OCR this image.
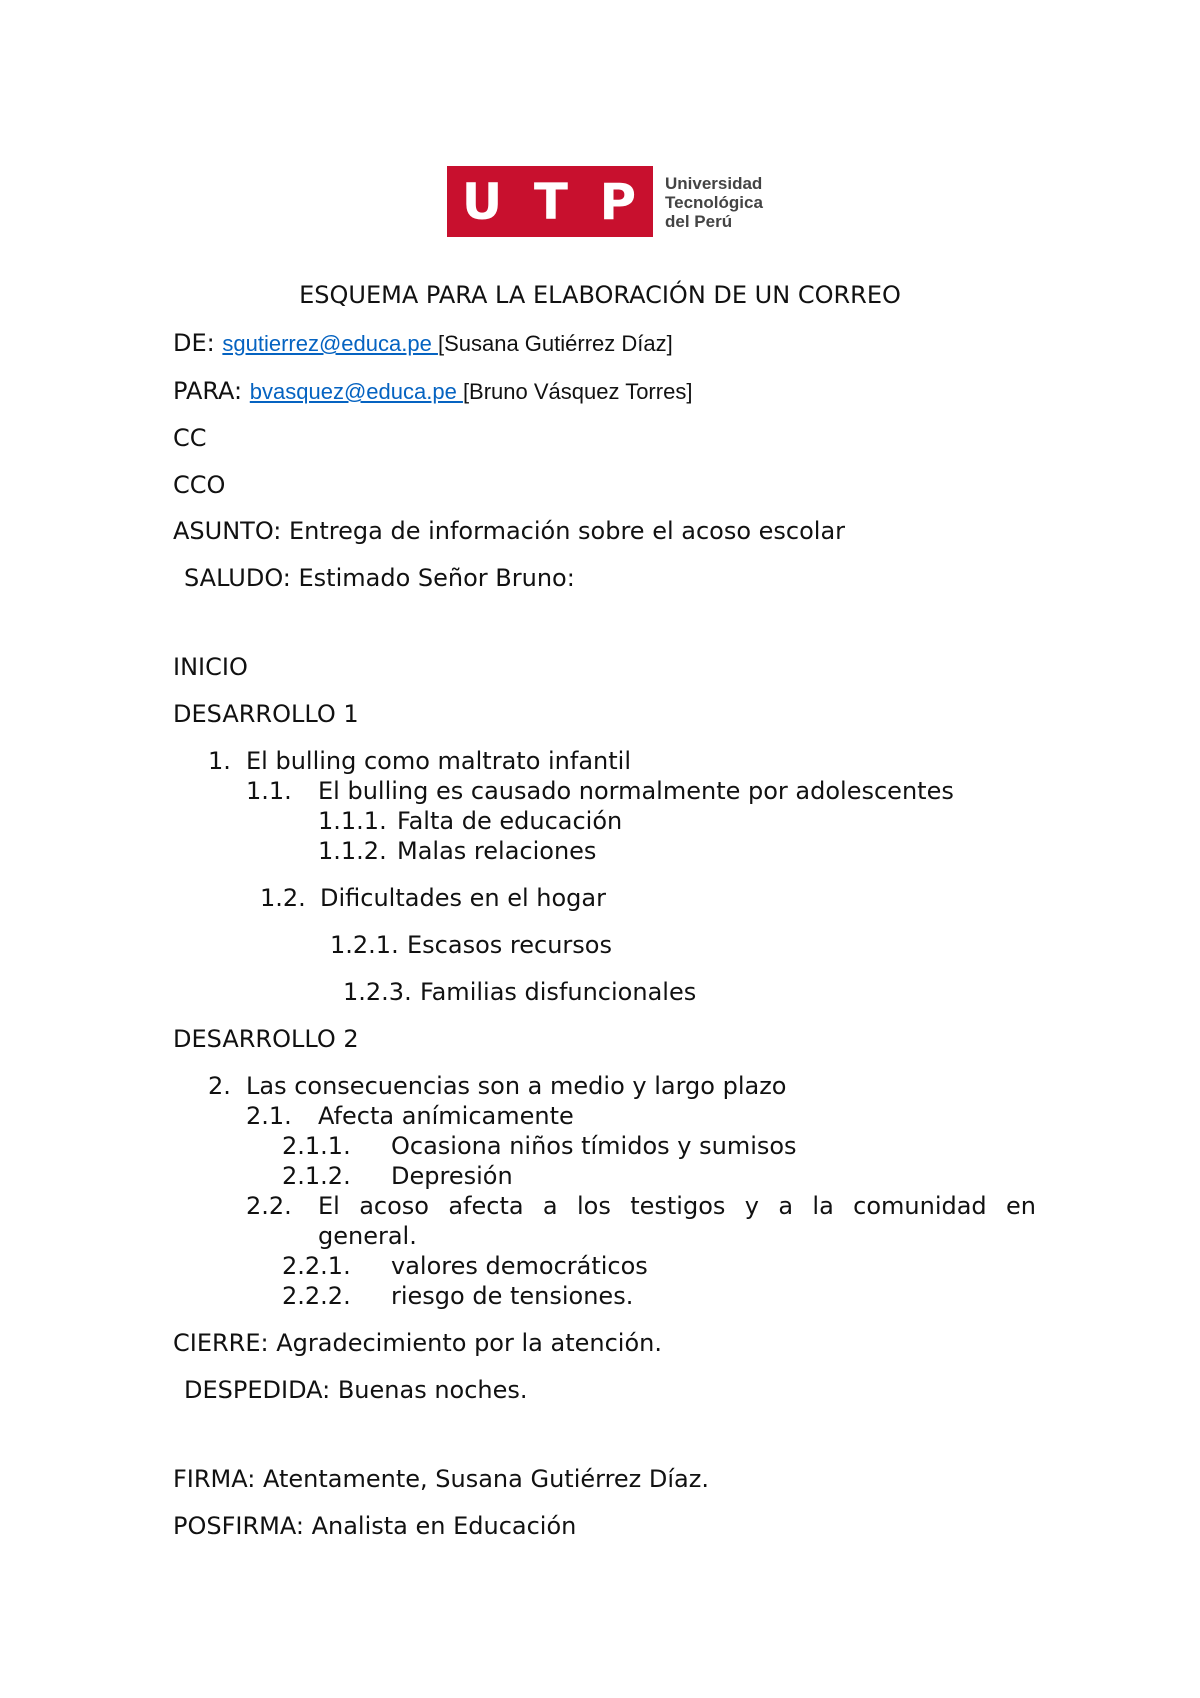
U T P Universidad
Tecnológica
del Perú
ESQUEMA PARA LA ELABORACIÓN DE UN CORREO
DE: sgutierrez@educa.pe [Susana Gutiérrez Díaz]
PARA: bvasquez@educa.pe [Bruno Vásquez Torres]
CC
CCO
ASUNTO: Entrega de información sobre el acoso escolar
SALUDO: Estimado Señor Bruno:
INICIO
DESARROLLO 1
1. El bulling como maltrato infantil
1.1. El bulling es causado normalmente por adolescentes
1.1.1. Falta de educación
1.1.2. Malas relaciones
1.2. Dificultades en el hogar
1.2.1. Escasos recursos
1.2.3. Familias disfuncionales
DESARROLLO 2
2. Las consecuencias son a medio y largo plazo
2.1. Afecta anímicamente
2.1.1. Ocasiona niños tímidos y sumisos
2.1.2. Depresión
2.2. El acoso afecta a los testigos y a la comunidad en general.
2.2.1. valores democráticos
2.2.2. riesgo de tensiones.
CIERRE: Agradecimiento por la atención.
DESPEDIDA: Buenas noches.
FIRMA: Atentamente, Susana Gutiérrez Díaz.
POSFIRMA: Analista en Educación
